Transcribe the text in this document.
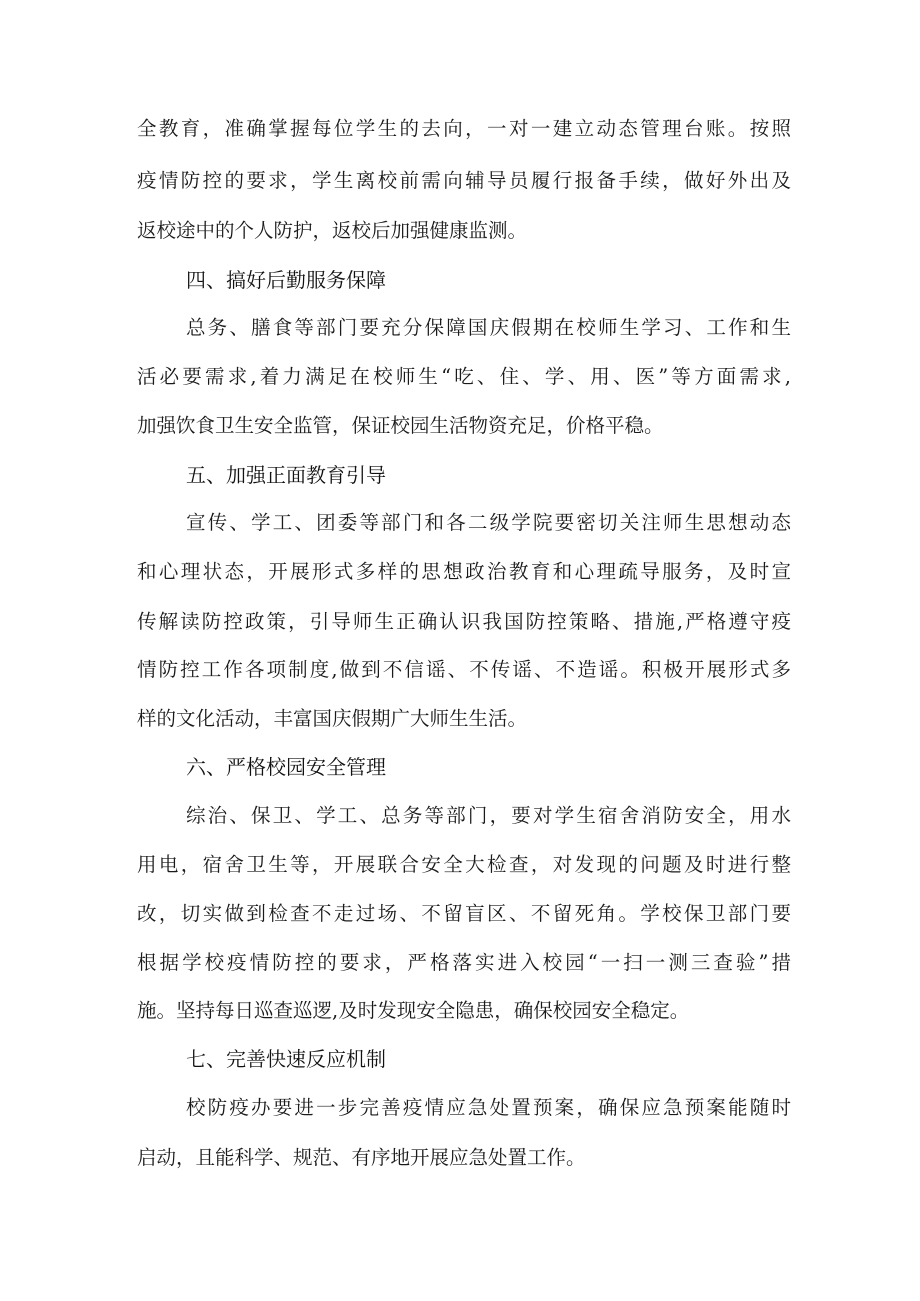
全教育，准确掌握每位学生的去向，一对一建立动态管理台账。按照
疫情防控的要求，学生离校前需向辅导员履行报备手续，做好外出及
返校途中的个人防护，返校后加强健康监测。
四、搞好后勤服务保障
总务、膳食等部门要充分保障国庆假期在校师生学习、工作和生
活必要需求,着力满足在校师生“吃、住、学、用、医”等方面需求,
加强饮食卫生安全监管，保证校园生活物资充足，价格平稳。
五、加强正面教育引导
宣传、学工、团委等部门和各二级学院要密切关注师生思想动态
和心理状态，开展形式多样的思想政治教育和心理疏导服务，及时宣
传解读防控政策，引导师生正确认识我国防控策略、措施,严格遵守疫
情防控工作各项制度,做到不信谣、不传谣、不造谣。积极开展形式多
样的文化活动，丰富国庆假期广大师生生活。
六、严格校园安全管理
综治、保卫、学工、总务等部门，要对学生宿舍消防安全，用水
用电，宿舍卫生等，开展联合安全大检查，对发现的问题及时进行整
改，切实做到检查不走过场、不留盲区、不留死角。学校保卫部门要
根据学校疫情防控的要求，严格落实进入校园“一扫一测三查验”措
施。坚持每日巡查巡逻,及时发现安全隐患，确保校园安全稳定。
七、完善快速反应机制
校防疫办要进一步完善疫情应急处置预案，确保应急预案能随时
启动，且能科学、规范、有序地开展应急处置工作。
